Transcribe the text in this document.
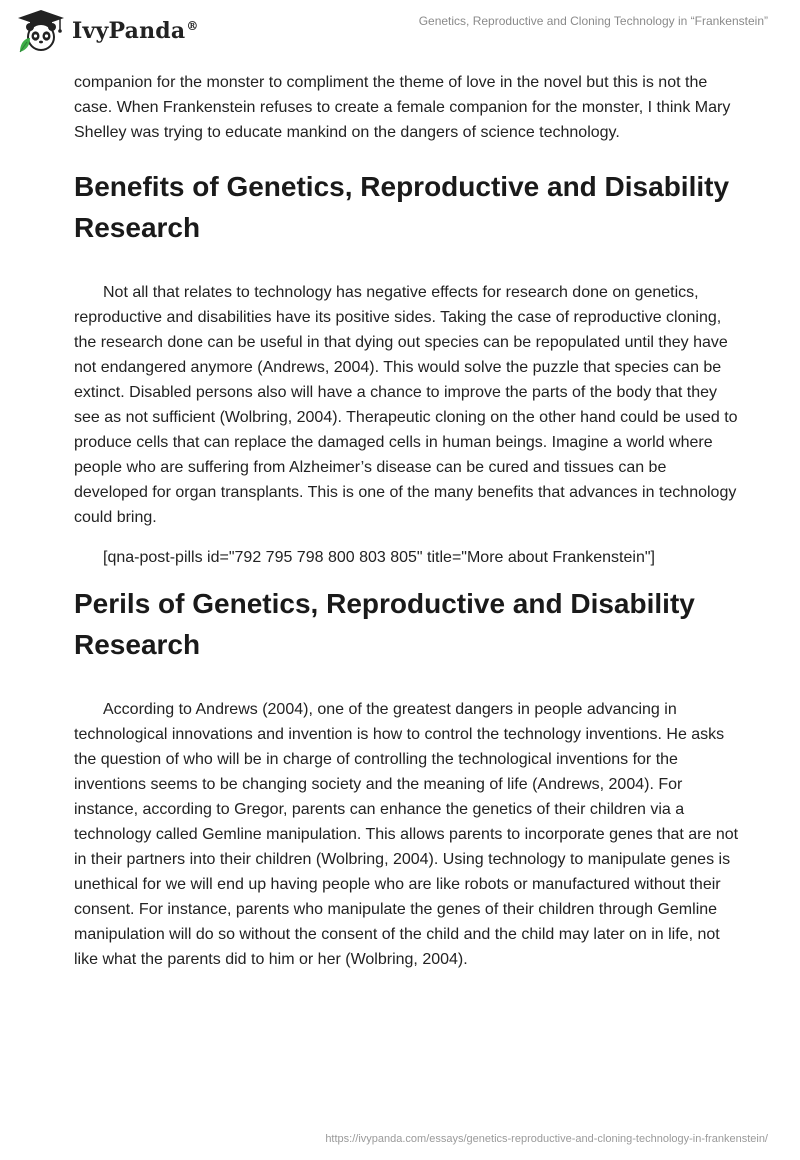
IvyPanda®	Genetics, Reproductive and Cloning Technology in “Frankenstein”

companion for the monster to compliment the theme of love in the novel but this is not the case. When Frankenstein refuses to create a female companion for the monster, I think Mary Shelley was trying to educate mankind on the dangers of science technology.

Benefits of Genetics, Reproductive and Disability Research

Not all that relates to technology has negative effects for research done on genetics, reproductive and disabilities have its positive sides. Taking the case of reproductive cloning, the research done can be useful in that dying out species can be repopulated until they have not endangered anymore (Andrews, 2004). This would solve the puzzle that species can be extinct. Disabled persons also will have a chance to improve the parts of the body that they see as not sufficient (Wolbring, 2004). Therapeutic cloning on the other hand could be used to produce cells that can replace the damaged cells in human beings. Imagine a world where people who are suffering from Alzheimer’s disease can be cured and tissues can be developed for organ transplants. This is one of the many benefits that advances in technology could bring.

[qna-post-pills id="792 795 798 800 803 805" title="More about Frankenstein"]

Perils of Genetics, Reproductive and Disability Research

According to Andrews (2004), one of the greatest dangers in people advancing in technological innovations and invention is how to control the technology inventions. He asks the question of who will be in charge of controlling the technological inventions for the inventions seems to be changing society and the meaning of life (Andrews, 2004). For instance, according to Gregor, parents can enhance the genetics of their children via a technology called Gemline manipulation. This allows parents to incorporate genes that are not in their partners into their children (Wolbring, 2004). Using technology to manipulate genes is unethical for we will end up having people who are like robots or manufactured without their consent. For instance, parents who manipulate the genes of their children through Gemline manipulation will do so without the consent of the child and the child may later on in life, not like what the parents did to him or her (Wolbring, 2004).

https://ivypanda.com/essays/genetics-reproductive-and-cloning-technology-in-frankenstein/
